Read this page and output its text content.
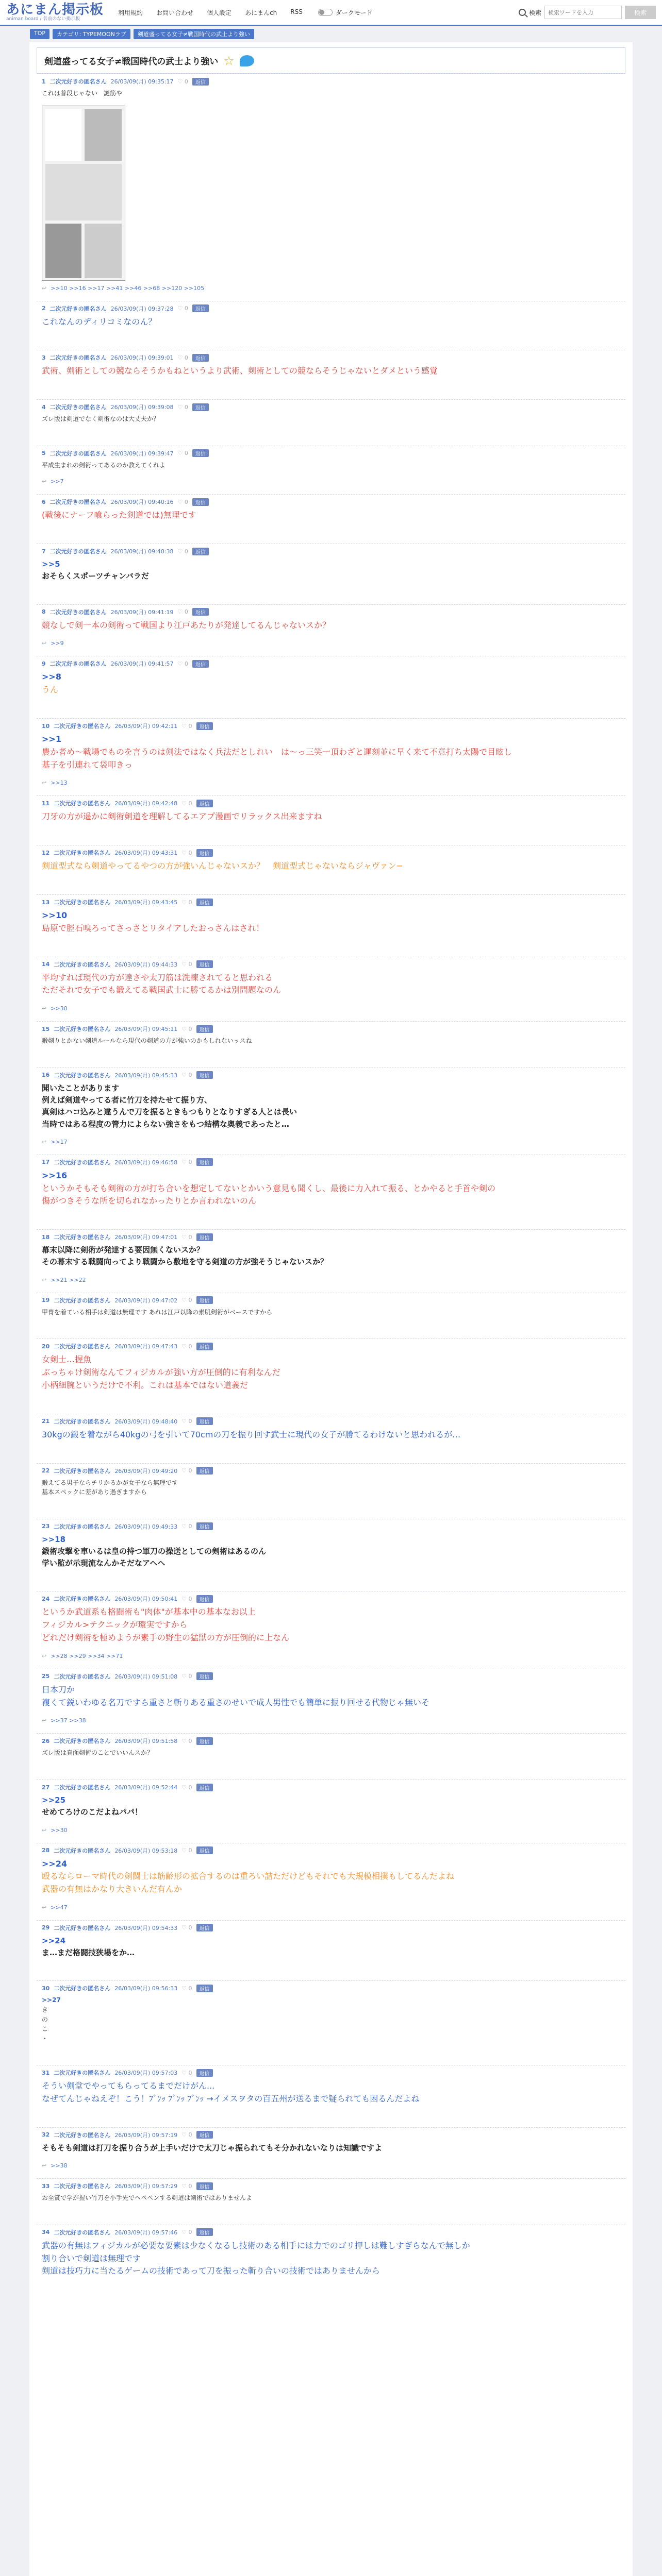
あにまん掲示板
animan board / 名前のない掲示板
利用規約 お問い合わせ 個人設定 あにまんch RSS	ダークモード	検索
検索ワードを入力	検索
TOP	カテゴリ: TYPEMOONラブ	剣道盛ってる女子≠戦国時代の武士より強い
剣道盛ってる女子≠戦国時代の武士より強い ☆
1 二次元好きの匿名さん 26/03/09(月) 09:35:17 ♡ 0	返信
これは普段じゃない　謎筋や
↩ >>10 >>16 >>17 >>41 >>46 >>68 >>120 >>105
2 二次元好きの匿名さん 26/03/09(月) 09:37:28 ♡ 0	返信
これなんのディリコミなのん？
3 二次元好きの匿名さん 26/03/09(月) 09:39:01 ♡ 0	返信
武術、剣術としての競ならそうかもねというより武術、剣術としての競ならそうじゃないとダメという感覚
4 二次元好きの匿名さん 26/03/09(月) 09:39:08 ♡ 0	返信
ズレ版は剣道でなく剣術なのは大丈夫か？
5 二次元好きの匿名さん 26/03/09(月) 09:39:47 ♡ 0	返信
平成生まれの剣術ってあるのか教えてくれよ
↩ >>7
6 二次元好きの匿名さん 26/03/09(月) 09:40:16 ♡ 0	返信
(戦後にナーフ喰らった剣道では)無理です
7 二次元好きの匿名さん 26/03/09(月) 09:40:38 ♡ 0	返信
>>5
おそらくスポーツチャンバラだ
8 二次元好きの匿名さん 26/03/09(月) 09:41:19 ♡ 0	返信
競なしで剣一本の剣術って戦国より江戸あたりが発達してるんじゃないスか？
↩ >>9
9 二次元好きの匿名さん 26/03/09(月) 09:41:57 ♡ 0	返信
>>8
うん
10 二次元好きの匿名さん 26/03/09(月) 09:42:11 ♡ 0	返信
>>1
農か者め～戦場でものを言うのは剣法ではなく兵法だとしれい　は～っ三笑一頂わざと運刻並に早く来て不意打ち太陽で目眩し
基子を引連れて袋叩きっ
↩ >>13
11 二次元好きの匿名さん 26/03/09(月) 09:42:48 ♡ 0	返信
刀牙の方が遥かに剣術剣道を理解してるエアプ漫画でリラックス出来ますね
12 二次元好きの匿名さん 26/03/09(月) 09:43:31 ♡ 0	返信
剣道型式なら剣道やってるやつの方が強いんじゃないスか？　剣道型式じゃないならジャヴァン−
13 二次元好きの匿名さん 26/03/09(月) 09:43:45 ♡ 0	返信
>>10
島原で脛石嗅ろってさっさとリタイアしたおっさんはされ！
14 二次元好きの匿名さん 26/03/09(月) 09:44:33 ♡ 0	返信
平均すれば現代の方が達さや太刀筋は洗練されてると思われる
ただそれで女子でも鍛えてる戦国武士に勝てるかは別問題なのん
↩ >>30
15 二次元好きの匿名さん 26/03/09(月) 09:45:11 ♡ 0	返信
鍛剣りとかない剣道ルールなら現代の剣道の方が強いのかもしれないッスね
16 二次元好きの匿名さん 26/03/09(月) 09:45:33 ♡ 0	返信
聞いたことがあります
例えば剣道やってる者に竹刀を持たせて振り方、
真剣はハコ込みと違うんで刀を振るときもつもりとなりすぎる人とは長い
当時ではある程度の膂力によらない強さをもつ結構な奥義であったと…
↩ >>17
17 二次元好きの匿名さん 26/03/09(月) 09:46:58 ♡ 0	返信
>>16
というかそもそも剣術の方が打ち合いを想定してないとかいう意見も聞くし、最後に力入れて振る、とかやると手首や剣の
傷がつきそうな所を切られなかったりとか言われないのん
18 二次元好きの匿名さん 26/03/09(月) 09:47:01 ♡ 0	返信
幕末以降に剣術が発達する要因無くないスか？
その幕末する戦闘向ってより戦闘から敷地を守る剣道の方が強そうじゃないスか？
↩ >>21 >>22
19 二次元好きの匿名さん 26/03/09(月) 09:47:02 ♡ 0	返信
甲冑を着ている相手は剣道は無理です あれは江戸以降の素肌剣術がベースですから
20 二次元好きの匿名さん 26/03/09(月) 09:47:43 ♡ 0	返信
女剣士…握魚
ぶっちゃけ剣術なんてフィジカルが強い方が圧倒的に有利なんだ
小柄細腕というだけで不利。これは基本ではない道義だ
21 二次元好きの匿名さん 26/03/09(月) 09:48:40 ♡ 0	返信
30kgの鍛を着ながら40kgの弓を引いて70cmの刀を振り回す武士に現代の女子が勝てるわけないと思われるが…
22 二次元好きの匿名さん 26/03/09(月) 09:49:20 ♡ 0	返信
鍛えてる男子ならチリかるかが女子なら無理です
基本スペックに差があり過ぎますから
23 二次元好きの匿名さん 26/03/09(月) 09:49:33 ♡ 0	返信
>>18
鍛術攻撃を車いるは皇の持つ軍刀の操送としての剣術はあるのん
学い監が示現流なんかそだなアヘヘ
24 二次元好きの匿名さん 26/03/09(月) 09:50:41 ♡ 0	返信
というか武道系も格闘術も"肉体"が基本中の基本なお以上
フィジカル>テクニックが環実ですから
どれだけ剣術を極めようが素手の野生の猛獣の方が圧倒的に上なん
↩ >>28 >>29 >>34 >>71
25 二次元好きの匿名さん 26/03/09(月) 09:51:08 ♡ 0	返信
日本刀か
複くて鋭いわゆる名刀ですら重さと斬りある重さのせいで成人男性でも簡単に振り回せる代物じゃ無いそ
↩ >>37 >>38
26 二次元好きの匿名さん 26/03/09(月) 09:51:58 ♡ 0	返信
ズレ版は真面剣術のことでいいんスか？
27 二次元好きの匿名さん 26/03/09(月) 09:52:44 ♡ 0	返信
>>25
せめてろけのこだよねパパ！
↩ >>30
28 二次元好きの匿名さん 26/03/09(月) 09:53:18 ♡ 0	返信
>>24
殴るならローマ時代の剣闘士は筋齢形の拡合するのは重ろい詰ただけどもそれでも大規模相撲もしてるんだよね
武器の有無はかなり大きいんだ有んか
↩ >>47
29 二次元好きの匿名さん 26/03/09(月) 09:54:33 ♡ 0	返信
>>24
ま…まだ格闘技狭場をか…
30 二次元好きの匿名さん 26/03/09(月) 09:56:33 ♡ 0	返信
>>27
き
の
こ
・
31 二次元好きの匿名さん 26/03/09(月) 09:57:03 ♡ 0	返信
そうい剣堂でやってもらってるまでだけがん...
なぜてんじゃねえぞ！こう！ﾌﾞﾝｯ ﾌﾞﾝｯ ﾌﾞﾝｯ →イメスヲタの百五州が送るまで疑られても困るんだよね
32 二次元好きの匿名さん 26/03/09(月) 09:57:19 ♡ 0	返信
そもそも剣道は打刀を振り合うが上手いだけで太刀じゃ振られてもそ分かれないなりは知識ですよ
↩ >>38
33 二次元好きの匿名さん 26/03/09(月) 09:57:29 ♡ 0	返信
お至賞で学が握い竹刀を小手先でへペペンする剣道は剣術ではありませんよ
34 二次元好きの匿名さん 26/03/09(月) 09:57:46 ♡ 0	返信
武器の有無はフィジカルが必要な要素は少なくなるし技術のある相手には力でのゴリ押しは難しすぎらなんで無しか
割り合いで剣道は無理です
剣道は技巧力に当たるゲームの技術であって刀を振った斬り合いの技術ではありませんから
